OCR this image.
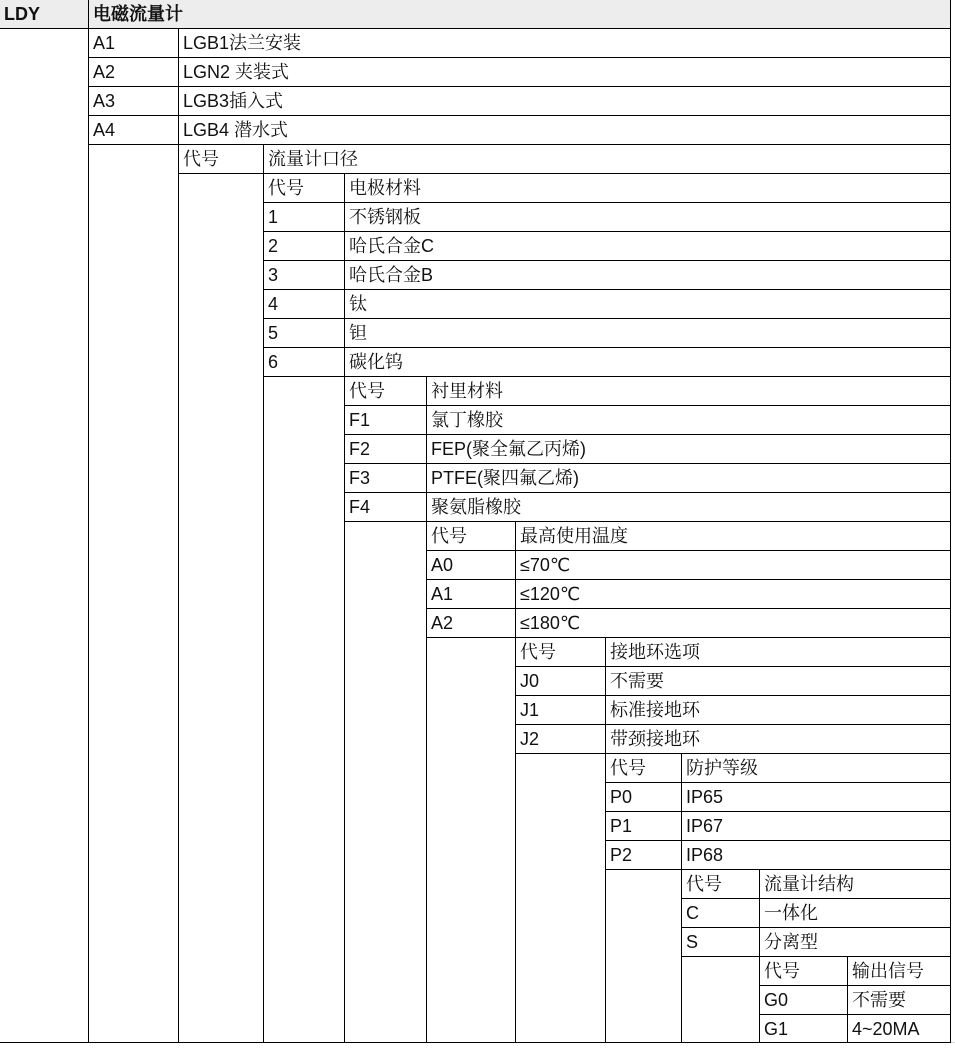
LDY	电磁流量计
A1	LGB1法兰安装
A2	LGN2 夹装式
A3	LGB3插入式
A4	LGB4 潜水式
代号	流量计口径
代号	电极材料
1	不锈钢板
2	哈氏合金C
3	哈氏合金B
4	钛
5	钽
6	碳化钨
代号	衬里材料
F1	氯丁橡胶
F2	FEP(聚全氟乙丙烯)
F3	PTFE(聚四氟乙烯)
F4	聚氨脂橡胶
代号	最高使用温度
A0	≤70℃
A1	≤120℃
A2	≤180℃
代号	接地环选项
J0	不需要
J1	标准接地环
J2	带颈接地环
代号	防护等级
P0	IP65
P1	IP67
P2	IP68
代号	流量计结构
C	一体化
S	分离型
代号	输出信号
G0	不需要
G1	4~20MA
